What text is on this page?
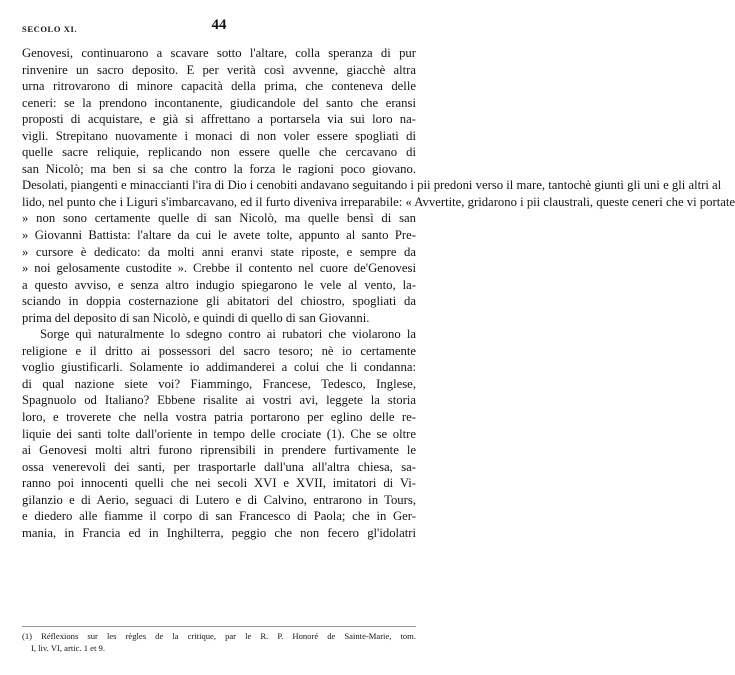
SECOLO XI.	44
Genovesi, continuarono a scavare sotto l'altare, colla speranza di pur
rinvenire un sacro deposito. E per verità così avvenne, giacchè altra
urna ritrovarono di minore capacità della prima, che conteneva delle
ceneri: se la prendono incontanente, giudicandole del santo che eransi
proposti di acquistare, e già si affrettano a portarsela via sui loro na-
vigli. Strepitano nuovamente i monaci di non voler essere spogliati di
quelle sacre reliquie, replicando non essere quelle che cercavano di
san Nicolò; ma ben si sa che contro la forza le ragioni poco giovano.
Desolati, piangenti e minaccianti l'ira di Dio i cenobiti andavano seguitando i pii predoni verso il mare, tantochè giunti gli uni e gli altri al
lido, nel punto che i Liguri s'imbarcavano, ed il furto diveniva irreparabile: « Avvertite, gridarono i pii claustrali, queste ceneri che vi portate
» non sono certamente quelle di san Nicolò, ma quelle bensì di san
» Giovanni Battista: l'altare da cui le avete tolte, appunto al santo Pre-
» cursore è dedicato: da molti anni eranvi state riposte, e sempre da
» noi gelosamente custodite ». Crebbe il contento nel cuore de'Genovesi
a questo avviso, e senza altro indugio spiegarono le vele al vento, la-
sciando in doppia costernazione gli abitatori del chiostro, spogliati da
prima del deposito di san Nicolò, e quindi di quello di san Giovanni.
Sorge quì naturalmente lo sdegno contro ai rubatori che violarono la
religione e il dritto ai possessori del sacro tesoro; nè io certamente
voglio giustificarli. Solamente io addimanderei a colui che li condanna:
di qual nazione siete voi? Fiammingo, Francese, Tedesco, Inglese,
Spagnuolo od Italiano? Ebbene risalite ai vostri avi, leggete la storia
loro, e troverete che nella vostra patria portarono per eglino delle re-
liquie dei santi tolte dall'oriente in tempo delle crociate (1). Che se oltre
ai Genovesi molti altri furono riprensibili in prendere furtivamente le
ossa venerevoli dei santi, per trasportarle dall'una all'altra chiesa, sa-
ranno poi innocenti quelli che nei secoli XVI e XVII, imitatori di Vi-
gilanzio e di Aerio, seguaci di Lutero e di Calvino, entrarono in Tours,
e diedero alle fiamme il corpo di san Francesco di Paola; che in Ger-
mania, in Francia ed in Inghilterra, peggio che non fecero gl'idolatri
(1) Réflexions sur les règles de la critique, par le R. P. Honoré de Sainte-Marie, tom.
I, liv. VI, artic. 1 et 9.
